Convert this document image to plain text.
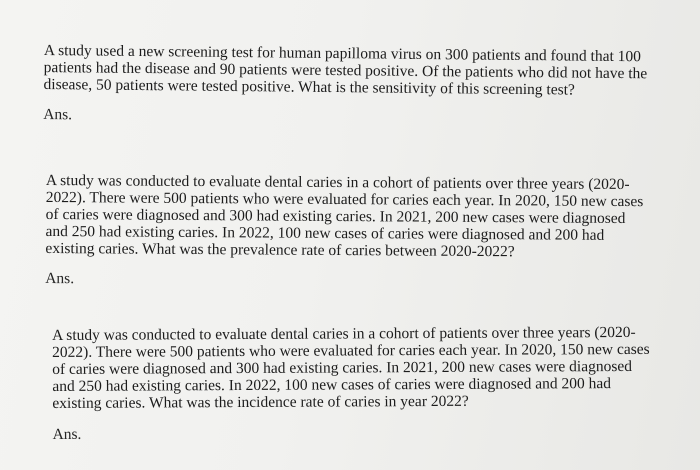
A study used a new screening test for human papilloma virus on 300 patients and found that 100
patients had the disease and 90 patients were tested positive. Of the patients who did not have the
disease, 50 patients were tested positive. What is the sensitivity of this screening test?
Ans.
A study was conducted to evaluate dental caries in a cohort of patients over three years (2020-
2022). There were 500 patients who were evaluated for caries each year. In 2020, 150 new cases
of caries were diagnosed and 300 had existing caries. In 2021, 200 new cases were diagnosed
and 250 had existing caries. In 2022, 100 new cases of caries were diagnosed and 200 had
existing caries. What was the prevalence rate of caries between 2020-2022?
Ans.
A study was conducted to evaluate dental caries in a cohort of patients over three years (2020-
2022). There were 500 patients who were evaluated for caries each year. In 2020, 150 new cases
of caries were diagnosed and 300 had existing caries. In 2021, 200 new cases were diagnosed
and 250 had existing caries. In 2022, 100 new cases of caries were diagnosed and 200 had
existing caries. What was the incidence rate of caries in year 2022?
Ans.
